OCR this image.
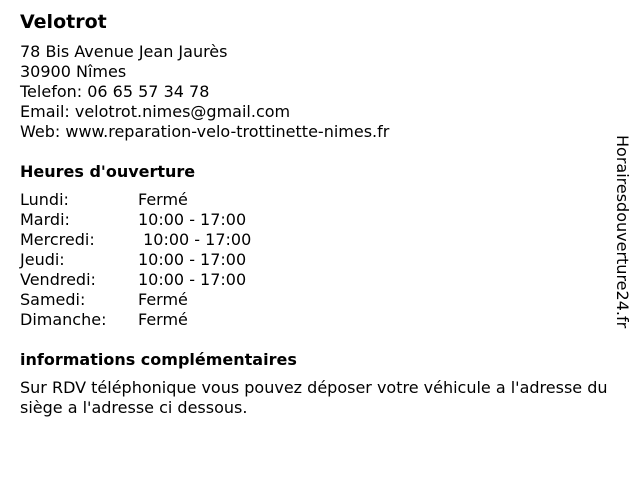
Velotrot
78 Bis Avenue Jean Jaurès
30900 Nîmes
Telefon: 06 65 57 34 78
Email: velotrot.nimes@gmail.com
Web: www.reparation-velo-trottinette-nimes.fr
Heures d'ouverture
Lundi:	Fermé
Mardi:	10:00 - 17:00
Mercredi:	10:00 - 17:00
Jeudi:	10:00 - 17:00
Vendredi:	10:00 - 17:00
Samedi:	Fermé
Dimanche:	Fermé
informations complémentaires
Sur RDV téléphonique vous pouvez déposer votre véhicule a l'adresse du siège a l'adresse ci dessous.
Horairesdouverture24.fr
